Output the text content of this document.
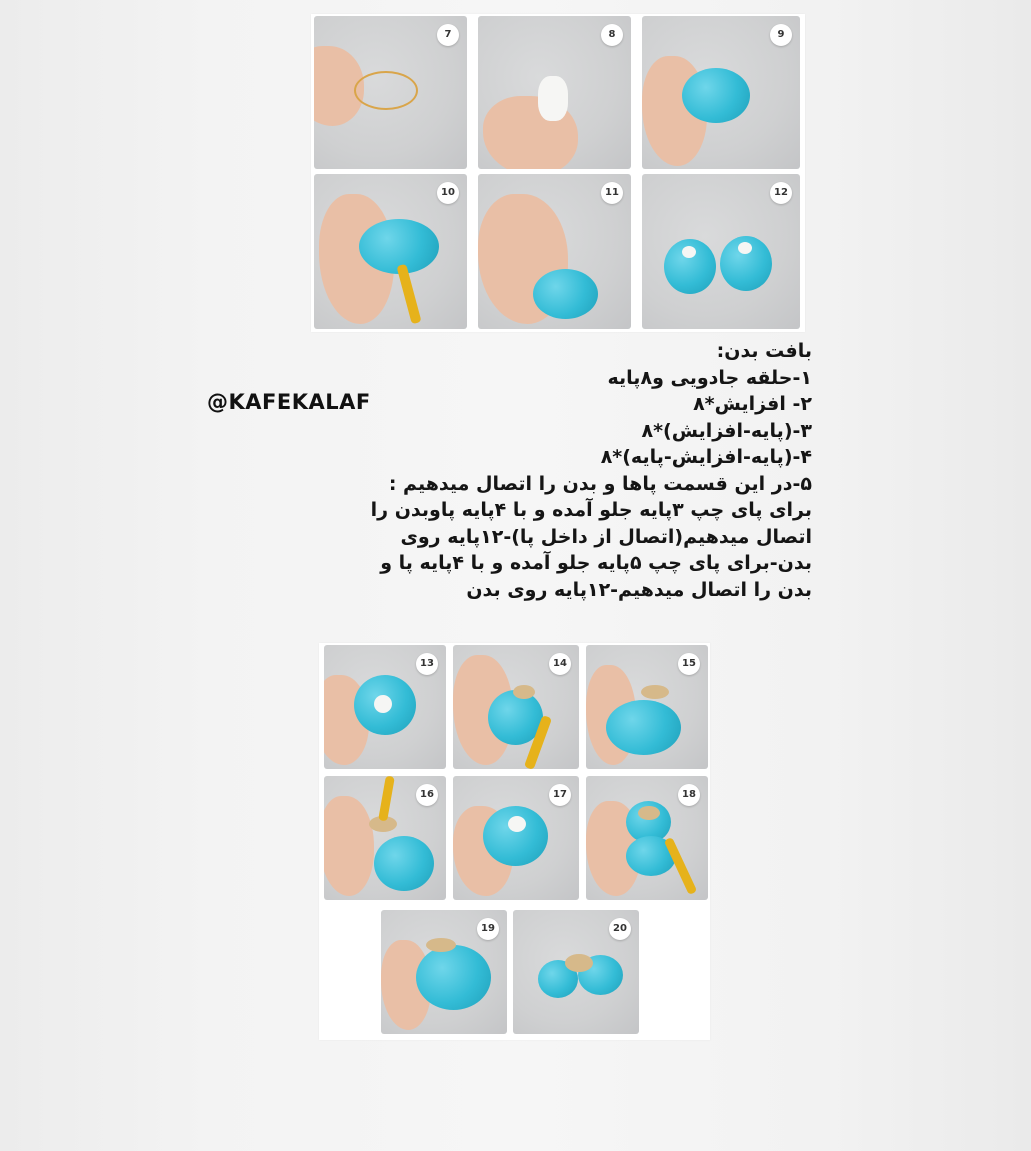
7	8	9
10	11	12
بافت بدن:
۱-حلقه جادویی و۸پایه
۲- افزایش*۸
۳-(پایه-افزایش)*۸
۴-(پایه-افزایش-پایه)*۸
۵-در این قسمت پاها و بدن را اتصال میدهیم :
برای پای چپ ۳پایه جلو آمده و با ۴پایه پاوبدن را
اتصال میدهیم(اتصال از داخل پا)-۱۲پایه روی
بدن-برای پای چپ ۵پایه جلو آمده و با ۴پایه پا و
بدن را اتصال میدهیم-۱۲پایه روی بدن
@KAFEKALAF
13	14	15
16	17	18
19	20
